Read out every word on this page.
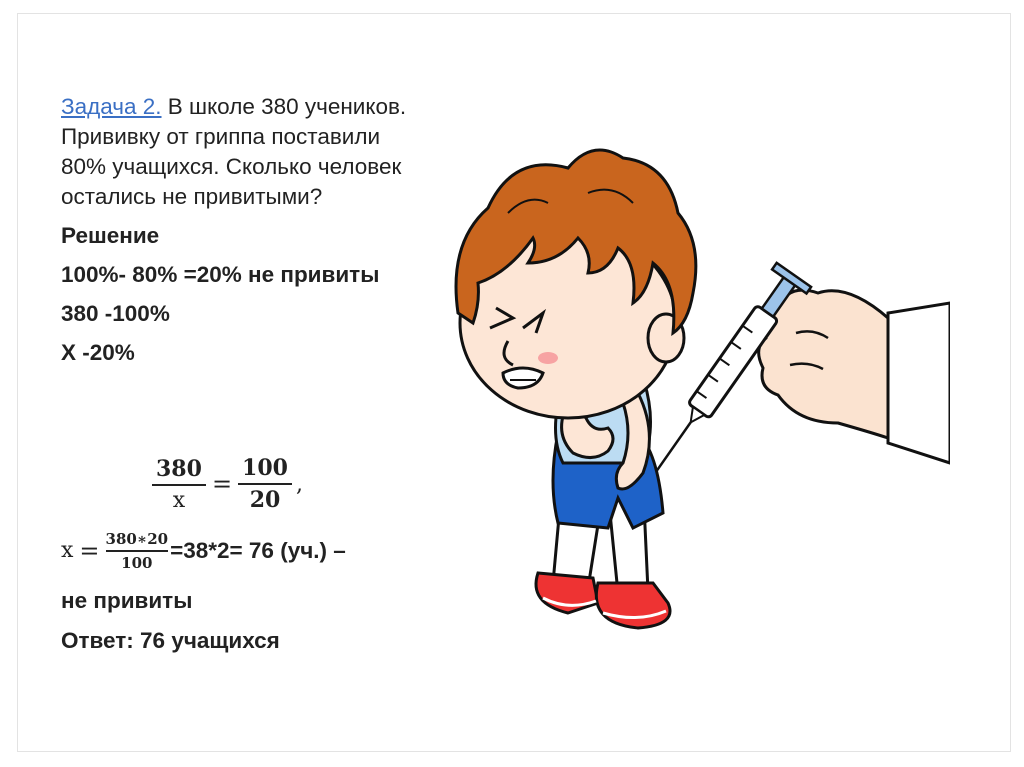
Задача 2. В школе 380 учеников. Прививку от гриппа поставили 80% учащихся. Сколько человек остались не привитыми?

Решение

100%- 80% =20% не привиты

380 -100%

Х -20%

$\frac{380}{x} = \frac{100}{20}$ ,
$x = \frac{380∗20}{100} =38*2= 76$ (уч.) –
не привиты
Ответ: 76 учащихся
